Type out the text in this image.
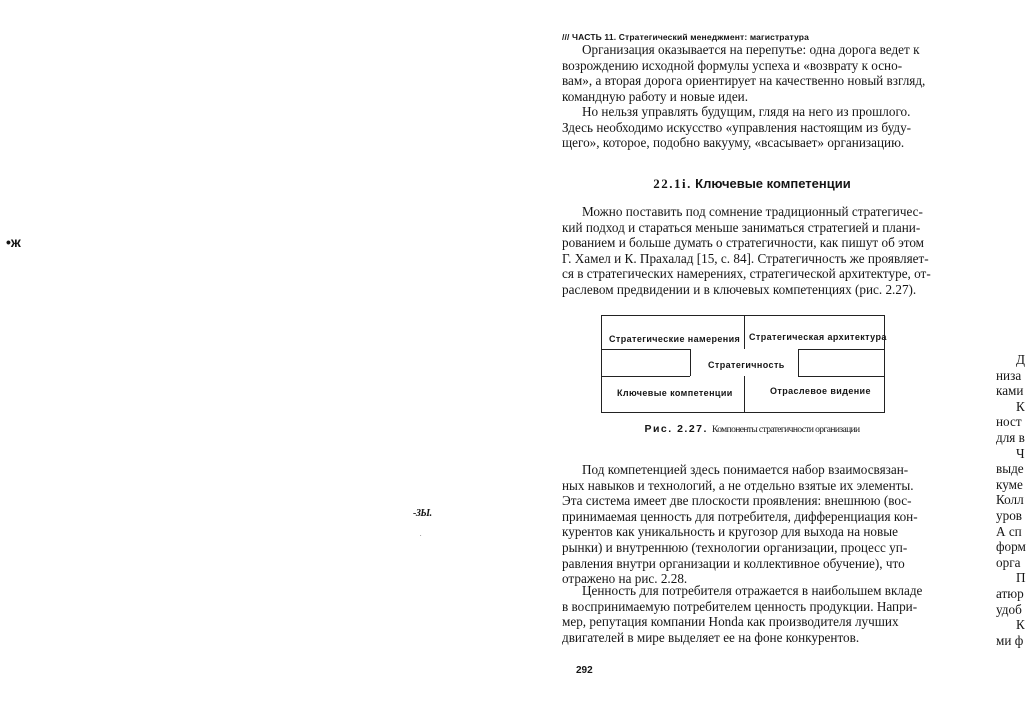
•ж
-ЗЫ.
.
/// ЧАСТЬ 11. Стратегический менеджмент: магистратура
Организация оказывается на перепутье: одна дорога ведет к
возрождению исходной формулы успеха и «возврату к осно-
вам», а вторая дорога ориентирует на качественно новый взгляд,
командную работу и новые идеи.
Но нельзя управлять будущим, глядя на него из прошлого.
Здесь необходимо искусство «управления настоящим из буду-
щего», которое, подобно вакууму, «всасывает» организацию.
22.1i. Ключевые компетенции
Можно поставить под сомнение традиционный стратегичес-
кий подход и стараться меньше заниматься стратегией и плани-
рованием и больше думать о стратегичности, как пишут об этом
Г. Хамел и К. Прахалад [15, с. 84]. Стратегичность же проявляет-
ся в стратегических намерениях, стратегической архитектуре, от-
раслевом предвидении и в ключевых компетенциях (рис. 2.27).
Стратегические намерения Стратегическая архитектура
Стратегичность
Ключевые компетенции	Отраслевое видение
Рис. 2.27. Компоненты стратегичности организации
Под компетенцией здесь понимается набор взаимосвязан-
ных навыков и технологий, а не отдельно взятые их элементы.
Эта система имеет две плоскости проявления: внешнюю (вос-
принимаемая ценность для потребителя, дифференциация кон-
курентов как уникальность и кругозор для выхода на новые
рынки) и внутреннюю (технологии организации, процесс уп-
равления внутри организации и коллективное обучение), что
отражено на рис. 2.28.
Ценность для потребителя отражается в наибольшем вкладе
в воспринимаемую потребителем ценность продукции. Напри-
мер, репутация компании Honda как производителя лучших
двигателей в мире выделяет ее на фоне конкурентов.
292
Д
низа
ками
К
ност
для в
Ч
выде
куме
Колл
уров
А сп
форм
орга
П
атюр
удоб
К
ми ф
